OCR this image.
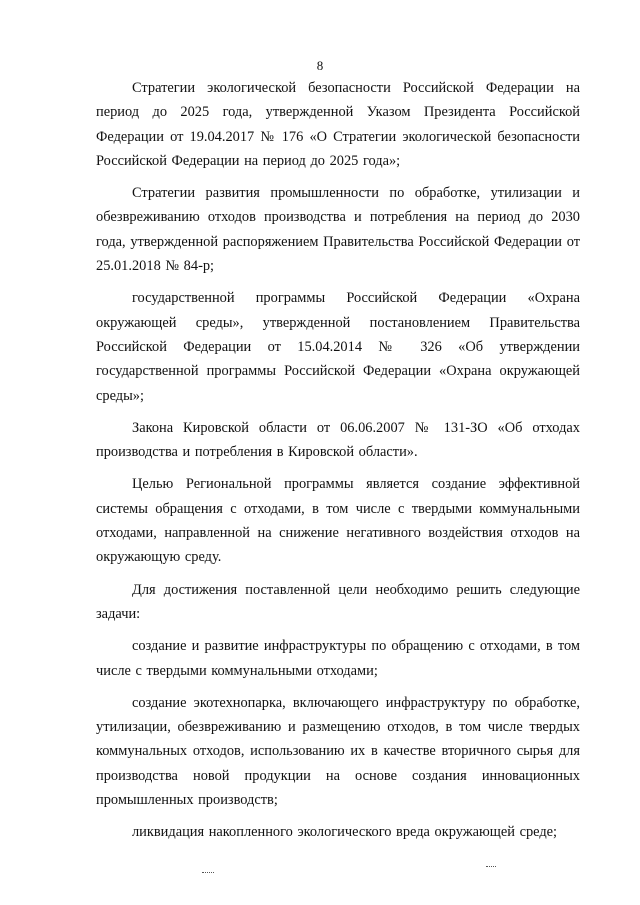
8

Стратегии экологической безопасности Российской Федерации на период до 2025 года, утвержденной Указом Президента Российской Федерации от 19.04.2017 № 176 «О Стратегии экологической безопасности Российской Федерации на период до 2025 года»;

Стратегии развития промышленности по обработке, утилизации и обезвреживанию отходов производства и потребления на период до 2030 года, утвержденной распоряжением Правительства Российской Федерации от 25.01.2018 № 84-р;

государственной программы Российской Федерации «Охрана окружающей среды», утвержденной постановлением Правительства Российской Федерации от 15.04.2014 № 326 «Об утверждении государственной программы Российской Федерации «Охрана окружающей среды»;

Закона Кировской области от 06.06.2007 № 131-ЗО «Об отходах производства и потребления в Кировской области».

Целью Региональной программы является создание эффективной системы обращения с отходами, в том числе с твердыми коммунальными отходами, направленной на снижение негативного воздействия отходов на окружающую среду.

Для достижения поставленной цели необходимо решить следующие задачи:

создание и развитие инфраструктуры по обращению с отходами, в том числе с твердыми коммунальными отходами;

создание экотехнопарка, включающего инфраструктуру по обработке, утилизации, обезвреживанию и размещению отходов, в том числе твердых коммунальных отходов, использованию их в качестве вторичного сырья для производства новой продукции на основе создания инновационных промышленных производств;

ликвидация накопленного экологического вреда окружающей среде;
